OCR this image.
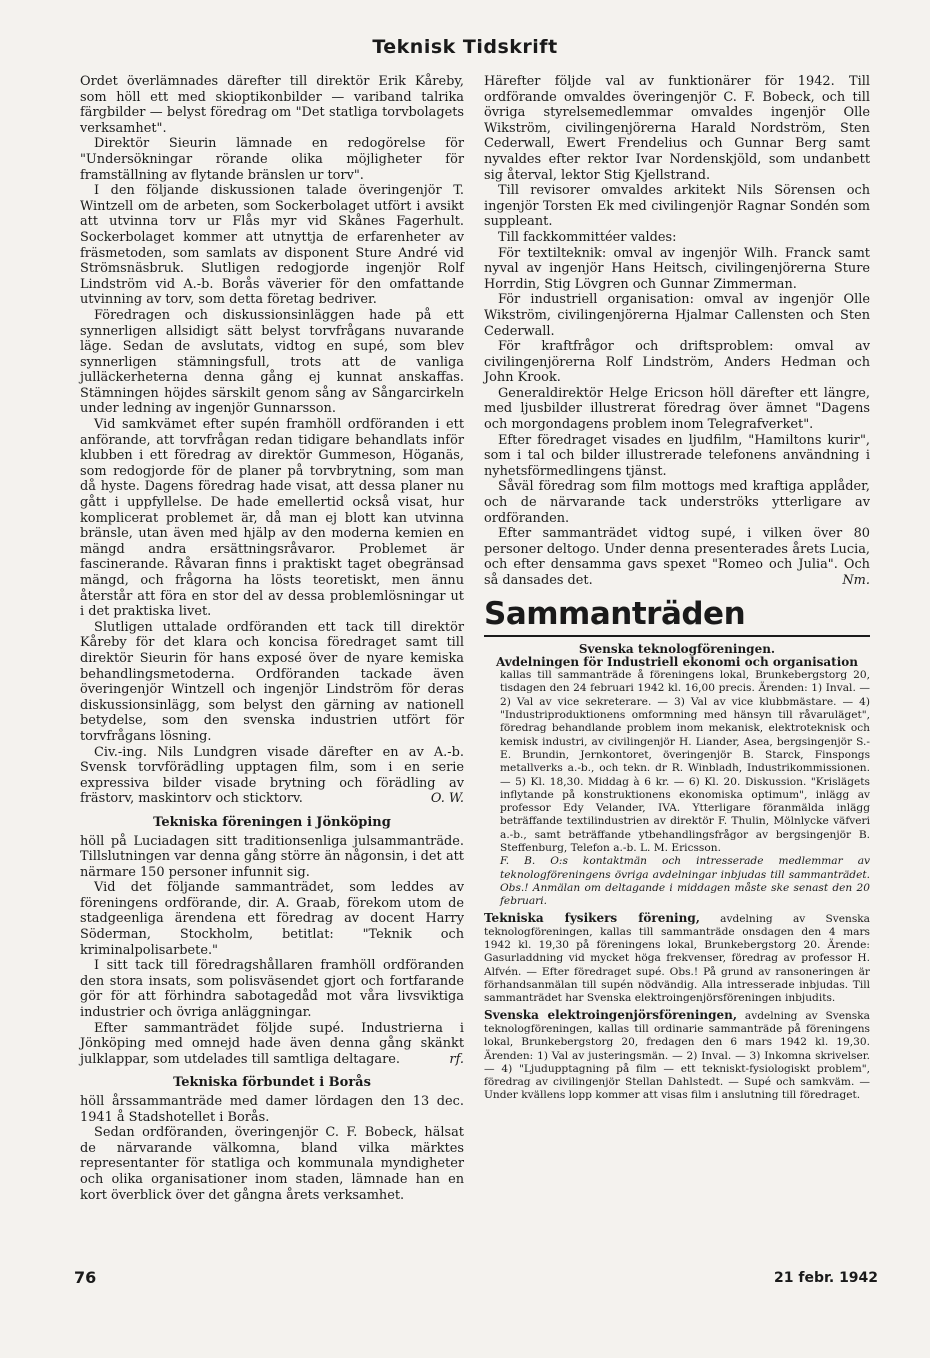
Teknisk Tidskrift

Ordet överlämnades därefter till direktör Erik Kåreby, som höll ett med skioptikonbilder — variband talrika färgbilder — belyst föredrag om "Det statliga torvbolagets verksamhet".

Direktör Sieurin lämnade en redogörelse för "Undersökningar rörande olika möjligheter för framställning av flytande bränslen ur torv".

I den följande diskussionen talade överingenjör T. Wintzell om de arbeten, som Sockerbolaget utfört i avsikt att utvinna torv ur Flås myr vid Skånes Fagerhult. Sockerbolaget kommer att utnyttja de erfarenheter av fräsmetoden, som samlats av disponent Sture André vid Strömsnäsbruk. Slutligen redogjorde ingenjör Rolf Lindström vid A.-b. Borås väverier för den omfattande utvinning av torv, som detta företag bedriver.

Föredragen och diskussionsinläggen hade på ett synnerligen allsidigt sätt belyst torvfrågans nuvarande läge. Sedan de avslutats, vidtog en supé, som blev synnerligen stämningsfull, trots att de vanliga julläckerheterna denna gång ej kunnat anskaffas. Stämningen höjdes särskilt genom sång av Sångarcirkeln under ledning av ingenjör Gunnarsson.

Vid samkvämet efter supén framhöll ordföranden i ett anförande, att torvfrågan redan tidigare behandlats inför klubben i ett föredrag av direktör Gummeson, Höganäs, som redogjorde för de planer på torvbrytning, som man då hyste. Dagens föredrag hade visat, att dessa planer nu gått i uppfyllelse. De hade emellertid också visat, hur komplicerat problemet är, då man ej blott kan utvinna bränsle, utan även med hjälp av den moderna kemien en mängd andra ersättningsråvaror. Problemet är fascinerande. Råvaran finns i praktiskt taget obegränsad mängd, och frågorna ha lösts teoretiskt, men ännu återstår att föra en stor del av dessa problemlösningar ut i det praktiska livet.

Slutligen uttalade ordföranden ett tack till direktör Kåreby för det klara och koncisa föredraget samt till direktör Sieurin för hans exposé över de nyare kemiska behandlingsmetoderna. Ordföranden tackade även överingenjör Wintzell och ingenjör Lindström för deras diskussionsinlägg, som belyst den gärning av nationell betydelse, som den svenska industrien utfört för torvfrågans lösning.

Civ.-ing. Nils Lundgren visade därefter en av A.-b. Svensk torvförädling upptagen film, som i en serie expressiva bilder visade brytning och förädling av frästorv, maskintorv och sticktorv.	O. W.

Tekniska föreningen i Jönköping

höll på Luciadagen sitt traditionsenliga julsammanträde. Tillslutningen var denna gång större än någonsin, i det att närmare 150 personer infunnit sig.

Vid det följande sammanträdet, som leddes av föreningens ordförande, dir. A. Graab, förekom utom de stadgeenliga ärendena ett föredrag av docent Harry Söderman, Stockholm, betitlat: "Teknik och kriminalpolisarbete."

I sitt tack till föredragshållaren framhöll ordföranden den stora insats, som polisväsendet gjort och fortfarande gör för att förhindra sabotagedåd mot våra livsviktiga industrier och övriga anläggningar.

Efter sammanträdet följde supé. Industrierna i Jönköping med omnejd hade även denna gång skänkt julklappar, som utdelades till samtliga deltagare.	rf.

Tekniska förbundet i Borås

höll årssammanträde med damer lördagen den 13 dec. 1941 å Stadshotellet i Borås.

Sedan ordföranden, överingenjör C. F. Bobeck, hälsat de närvarande välkomna, bland vilka märktes representanter för statliga och kommunala myndigheter och olika organisationer inom staden, lämnade han en kort överblick över det gångna årets verksamhet.

Härefter följde val av funktionärer för 1942. Till ordförande omvaldes överingenjör C. F. Bobeck, och till övriga styrelsemedlemmar omvaldes ingenjör Olle Wikström, civilingenjörerna Harald Nordström, Sten Cederwall, Ewert Frendelius och Gunnar Berg samt nyvaldes efter rektor Ivar Nordenskjöld, som undanbett sig återval, lektor Stig Kjellstrand.

Till revisorer omvaldes arkitekt Nils Sörensen och ingenjör Torsten Ek med civilingenjör Ragnar Sondén som suppleant.

Till fackkommittéer valdes:

För textilteknik: omval av ingenjör Wilh. Franck samt nyval av ingenjör Hans Heitsch, civilingenjörerna Sture Horrdin, Stig Lövgren och Gunnar Zimmerman.

För industriell organisation: omval av ingenjör Olle Wikström, civilingenjörerna Hjalmar Callensten och Sten Cederwall.

För kraftfrågor och driftsproblem: omval av civilingenjörerna Rolf Lindström, Anders Hedman och John Krook.

Generaldirektör Helge Ericson höll därefter ett längre, med ljusbilder illustrerat föredrag över ämnet "Dagens och morgondagens problem inom Telegrafverket".

Efter föredraget visades en ljudfilm, "Hamiltons kurir", som i tal och bilder illustrerade telefonens användning i nyhetsförmedlingens tjänst.

Såväl föredrag som film mottogs med kraftiga applåder, och de närvarande tack underströks ytterligare av ordföranden.

Efter sammanträdet vidtog supé, i vilken över 80 personer deltogo. Under denna presenterades årets Lucia, och efter densamma gavs spexet "Romeo och Julia". Och så dansades det.	Nm.

Sammanträden

Svenska teknologföreningen.

Avdelningen för Industriell ekonomi och organisation

kallas till sammanträde å föreningens lokal, Brunkebergstorg 20, tisdagen den 24 februari 1942 kl. 16,00 precis. Ärenden: 1) Inval. — 2) Val av vice sekreterare. — 3) Val av vice klubbmästare. — 4) "Industriproduktionens omformning med hänsyn till råvaruläget", föredrag behandlande problem inom mekanisk, elektroteknisk och kemisk industri, av civilingenjör H. Liander, Asea, bergsingenjör S.-E. Brundin, Jernkontoret, överingenjör B. Starck, Finspongs metallverks a.-b., och tekn. dr R. Winbladh, Industrikommissionen. — 5) Kl. 18,30. Middag à 6 kr. — 6) Kl. 20. Diskussion. "Krislägets inflytande på konstruktionens ekonomiska optimum", inlägg av professor Edy Velander, IVA. Ytterligare föranmälda inlägg beträffande textilindustrien av direktör F. Thulin, Mölnlycke väfveri a.-b., samt beträffande ytbehandlingsfrågor av bergsingenjör B. Steffenburg, Telefon a.-b. L. M. Ericsson.

F. B. O:s kontaktmän och intresserade medlemmar av teknologföreningens övriga avdelningar inbjudas till sammanträdet. Obs.! Anmälan om deltagande i middagen måste ske senast den 20 februari.

Tekniska fysikers förening, avdelning av Svenska teknologföreningen, kallas till sammanträde onsdagen den 4 mars 1942 kl. 19,30 på föreningens lokal, Brunkebergstorg 20. Ärende: Gasurladdning vid mycket höga frekvenser, föredrag av professor H. Alfvén. — Efter föredraget supé. Obs.! På grund av ransoneringen är förhandsanmälan till supén nödvändig. Alla intresserade inbjudas. Till sammanträdet har Svenska elektroingenjörsföreningen inbjudits.

Svenska elektroingenjörsföreningen, avdelning av Svenska teknologföreningen, kallas till ordinarie sammanträde på föreningens lokal, Brunkebergstorg 20, fredagen den 6 mars 1942 kl. 19,30. Ärenden: 1) Val av justeringsmän. — 2) Inval. — 3) Inkomna skrivelser. — 4) "Ljudupptagning på film — ett tekniskt-fysiologiskt problem", föredrag av civilingenjör Stellan Dahlstedt. — Supé och samkväm. — Under kvällens lopp kommer att visas film i anslutning till föredraget.

76	21 febr. 1942
